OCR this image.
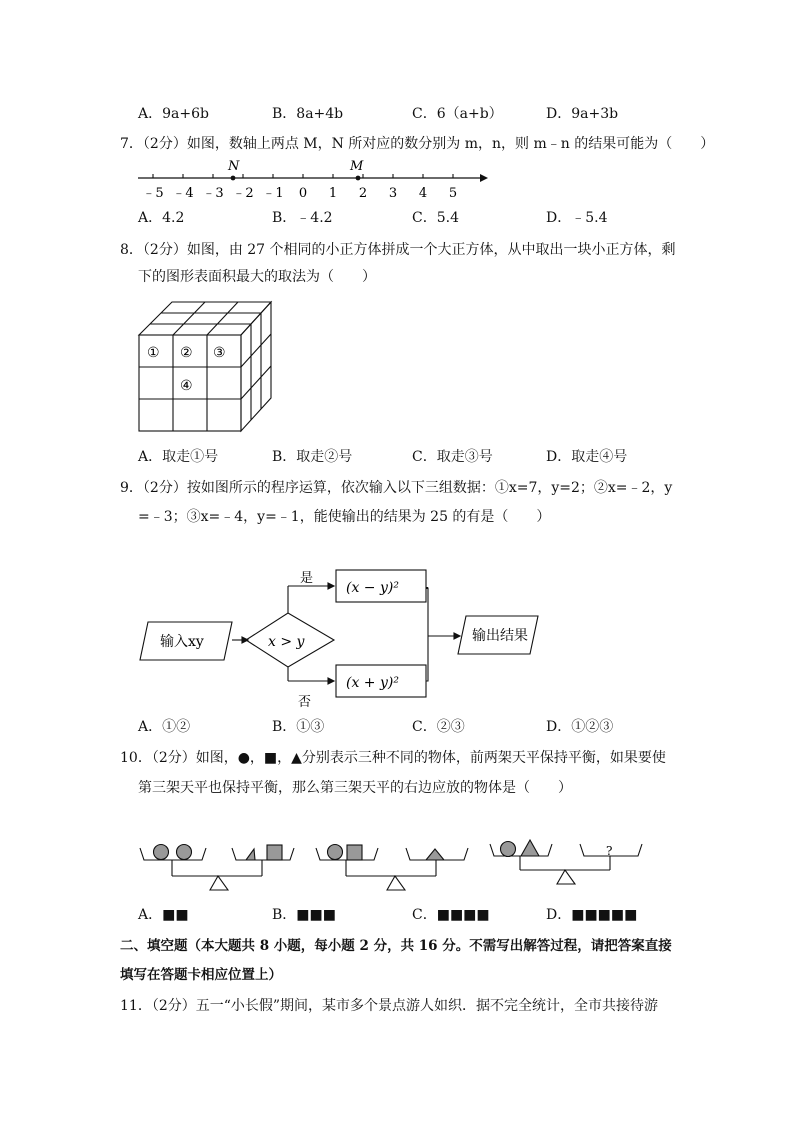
A．9a+6b	B．8a+4b	C．6（a+b）	D．9a+3b
7．（2分）如图，数轴上两点 M，N 所对应的数分别为 m，n，则 m﹣n 的结果可能为（　　）
﹣5 ﹣4 ﹣3 ﹣2 ﹣1 0 1 2 3 4 5
N	M
A．4.2	B．﹣4.2	C．5.4	D．﹣5.4
8．（2分）如图，由 27 个相同的小正方体拼成一个大正方体，从中取出一块小正方体，剩
下的图形表面积最大的取法为（　　）
① ② ③
④
A．取走①号	B．取走②号	C．取走③号	D．取走④号
9．（2分）按如图所示的程序运算，依次输入以下三组数据：①x=7，y=2；②x=﹣2，y
=﹣3；③x=﹣4，y=﹣1，能使输出的结果为 25 的有是（　　）
输入xy	x > y
是
否
(x − y)²
(x + y)²
输出结果
A．①②	B．①③	C．②③	D．①②③
10．（2分）如图，●，■，▲分别表示三种不同的物体，前两架天平保持平衡，如果要使
第三架天平也保持平衡，那么第三架天平的右边应放的物体是（　　）
?
A．■■	B．■■■	C．■■■■	D．■■■■■
二、填空题（本大题共 8 小题，每小题 2 分，共 16 分。不需写出解答过程，请把答案直接
填写在答题卡相应位置上）
11．（2分）五一“小长假”期间，某市多个景点游人如织．据不完全统计，全市共接待游
